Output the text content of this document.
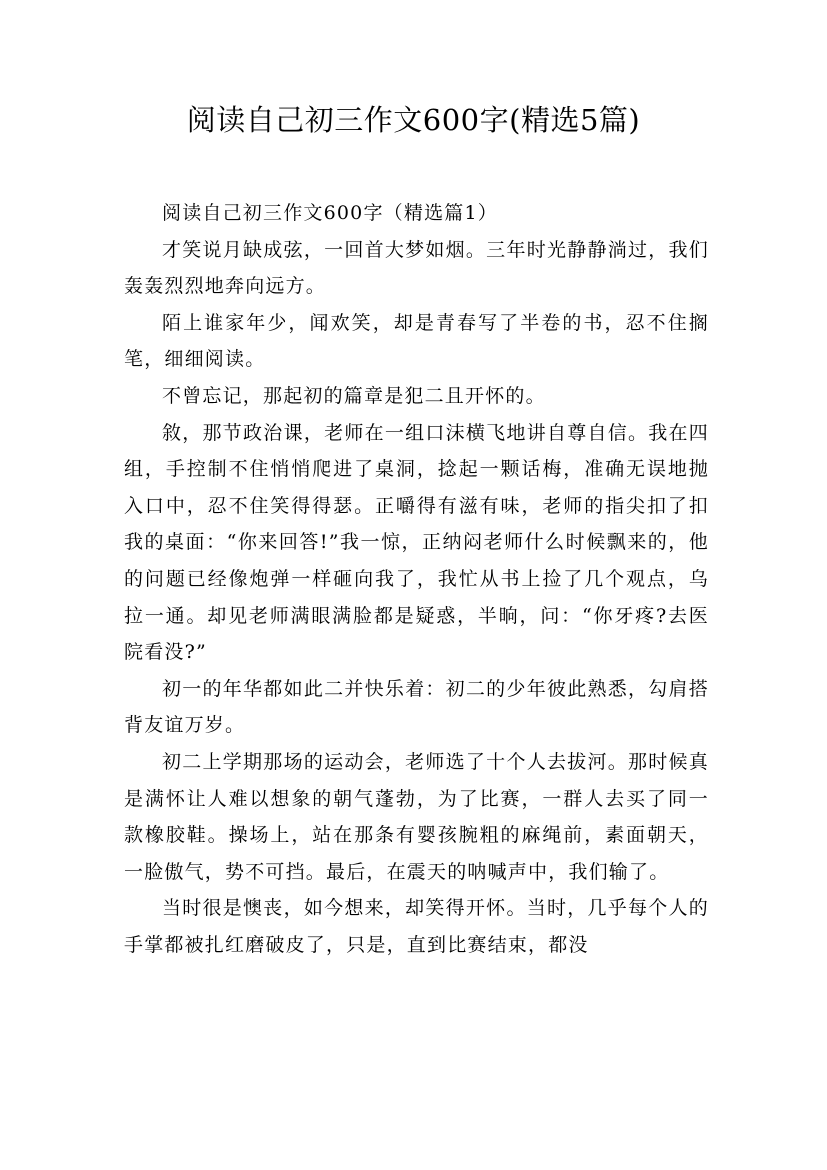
阅读自己初三作文600字(精选5篇)

阅读自己初三作文600字（精选篇1）

才笑说月缺成弦，一回首大梦如烟。三年时光静静淌过，我们轰轰烈烈地奔向远方。

陌上谁家年少，闻欢笑，却是青春写了半卷的书，忍不住搁笔，细细阅读。

不曾忘记，那起初的篇章是犯二且开怀的。

敘，那节政治课，老师在一组口沫横飞地讲自尊自信。我在四组，手控制不住悄悄爬进了桌洞，捻起一颗话梅，准确无误地抛入口中，忍不住笑得得瑟。正嚼得有滋有味，老师的指尖扣了扣我的桌面：“你来回答!”我一惊，正纳闷老师什么时候飘来的，他的问题已经像炮弹一样砸向我了，我忙从书上捡了几个观点，乌拉一通。却见老师满眼满脸都是疑惑，半晌，问：“你牙疼?去医院看没?”

初一的年华都如此二并快乐着：初二的少年彼此熟悉，勾肩搭背友谊万岁。

初二上学期那场的运动会，老师选了十个人去拔河。那时候真是满怀让人难以想象的朝气蓬勃，为了比赛，一群人去买了同一款橡胶鞋。操场上，站在那条有婴孩腕粗的麻绳前，素面朝天，一脸傲气，势不可挡。最后，在震天的呐喊声中，我们输了。

当时很是懊丧，如今想来，却笑得开怀。当时，几乎每个人的手掌都被扎红磨破皮了，只是，直到比赛结束，都没
